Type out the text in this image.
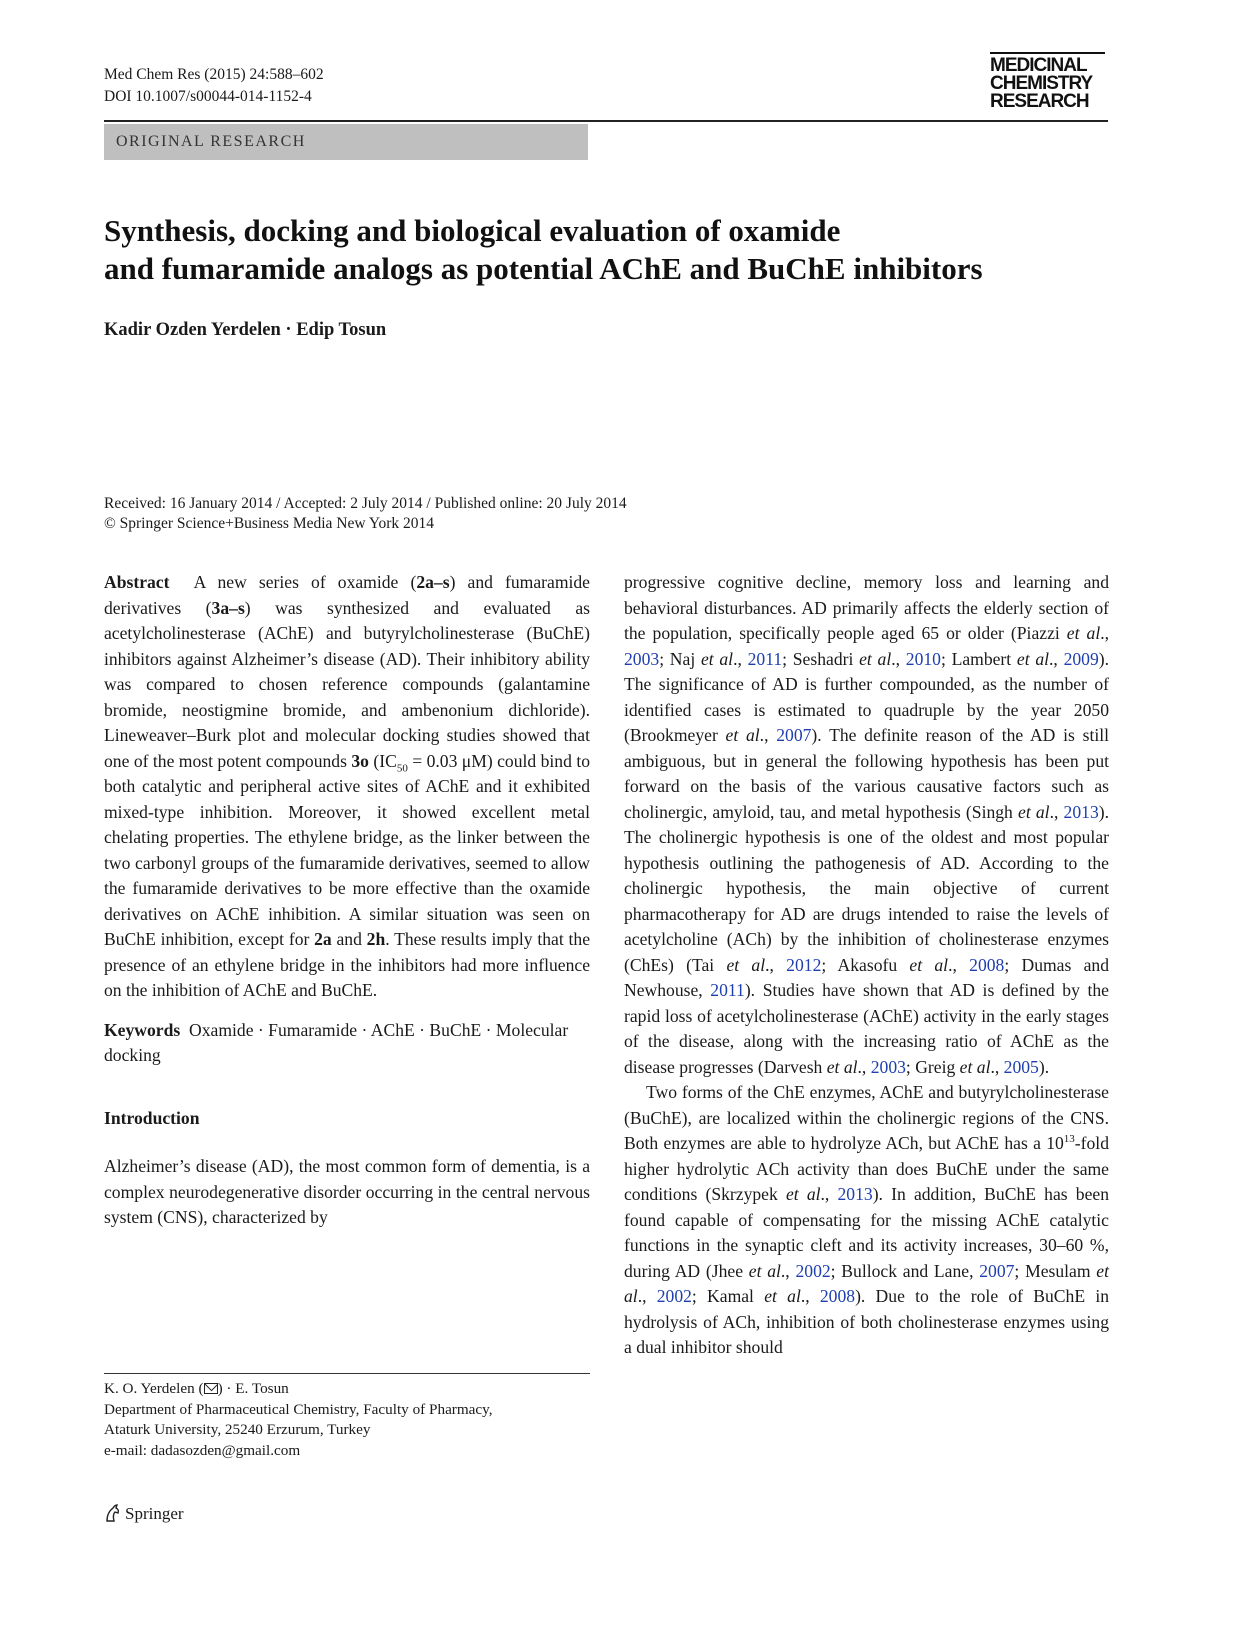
Med Chem Res (2015) 24:588–602
DOI 10.1007/s00044-014-1152-4
MEDICINAL
CHEMISTRY
RESEARCH
ORIGINAL RESEARCH
Synthesis, docking and biological evaluation of oxamide
and fumaramide analogs as potential AChE and BuChE inhibitors
Kadir Ozden Yerdelen · Edip Tosun
Received: 16 January 2014 / Accepted: 2 July 2014 / Published online: 20 July 2014
© Springer Science+Business Media New York 2014

Abstract A new series of oxamide (2a–s) and fumaramide derivatives (3a–s) was synthesized and evaluated as acetylcholinesterase (AChE) and butyrylcholinesterase (BuChE) inhibitors against Alzheimer’s disease (AD). Their inhibitory ability was compared to chosen reference compounds (galantamine bromide, neostigmine bromide, and ambenonium dichloride). Lineweaver–Burk plot and molecular docking studies showed that one of the most potent compounds 3o ($IC_{50} = 0.03$ μM) could bind to both catalytic and peripheral active sites of AChE and it exhibited mixed-type inhibition. Moreover, it showed excellent metal chelating properties. The ethylene bridge, as the linker between the two carbonyl groups of the fumaramide derivatives, seemed to allow the fumaramide derivatives to be more effective than the oxamide derivatives on AChE inhibition. A similar situation was seen on BuChE inhibition, except for 2a and 2h. These results imply that the presence of an ethylene bridge in the inhibitors had more influence on the inhibition of AChE and BuChE.

Keywords Oxamide · Fumaramide · AChE · BuChE · Molecular docking

Introduction

Alzheimer’s disease (AD), the most common form of dementia, is a complex neurodegenerative disorder occurring in the central nervous system (CNS), characterized by

progressive cognitive decline, memory loss and learning and behavioral disturbances. AD primarily affects the elderly section of the population, specifically people aged 65 or older (Piazzi et al., 2003; Naj et al., 2011; Seshadri et al., 2010; Lambert et al., 2009). The significance of AD is further compounded, as the number of identified cases is estimated to quadruple by the year 2050 (Brookmeyer et al., 2007). The definite reason of the AD is still ambiguous, but in general the following hypothesis has been put forward on the basis of the various causative factors such as cholinergic, amyloid, tau, and metal hypothesis (Singh et al., 2013). The cholinergic hypothesis is one of the oldest and most popular hypothesis outlining the pathogenesis of AD. According to the cholinergic hypothesis, the main objective of current pharmacotherapy for AD are drugs intended to raise the levels of acetylcholine (ACh) by the inhibition of cholinesterase enzymes (ChEs) (Tai et al., 2012; Akasofu et al., 2008; Dumas and Newhouse, 2011). Studies have shown that AD is defined by the rapid loss of acetylcholinesterase (AChE) activity in the early stages of the disease, along with the increasing ratio of AChE as the disease progresses (Darvesh et al., 2003; Greig et al., 2005).

Two forms of the ChE enzymes, AChE and butyrylcholinesterase (BuChE), are localized within the cholinergic regions of the CNS. Both enzymes are able to hydrolyze ACh, but AChE has a $10^{13}$-fold higher hydrolytic ACh activity than does BuChE under the same conditions (Skrzypek et al., 2013). In addition, BuChE has been found capable of compensating for the missing AChE catalytic functions in the synaptic cleft and its activity increases, 30–60 %, during AD (Jhee et al., 2002; Bullock and Lane, 2007; Mesulam et al., 2002; Kamal et al., 2008). Due to the role of BuChE in hydrolysis of ACh, inhibition of both cholinesterase enzymes using a dual inhibitor should

K. O. Yerdelen ( ) · E. Tosun
Department of Pharmaceutical Chemistry, Faculty of Pharmacy,
Ataturk University, 25240 Erzurum, Turkey
e-mail: dadasozden@gmail.com
Springer
